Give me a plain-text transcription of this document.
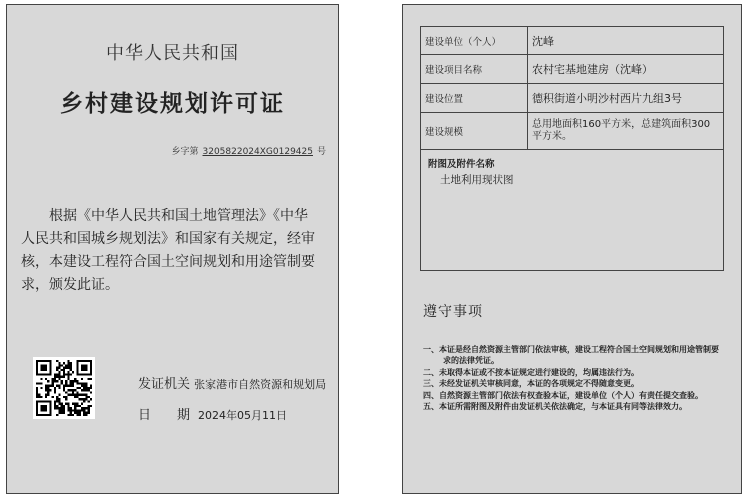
中华人民共和国
乡村建设规划许可证
乡字第 3205822024XG0129425 号
根据《中华人民共和国土地管理法》《中华人民共和国城乡规划法》和国家有关规定，经审核，本建设工程符合国土空间规划和用途管制要求，颁发此证。
发证机关 张家港市自然资源和规划局
日　　期 2024年05月11日
建设单位（个人）	沈峰
建设项目名称	农村宅基地建房（沈峰）
建设位置	德积街道小明沙村西片九组3号
建设规模	总用地面积160平方米，总建筑面积300平方米。

附图及附件名称
土地利用现状图	
遵守事项
一、本证是经自然资源主管部门依法审核，建设工程符合国土空间规划和用途管制要求的法律凭证。
二、未取得本证或不按本证规定进行建设的，均属违法行为。
三、未经发证机关审核同意，本证的各项规定不得随意变更。
四、自然资源主管部门依法有权查验本证，建设单位（个人）有责任提交查验。
五、本证所需附图及附件由发证机关依法确定，与本证具有同等法律效力。
